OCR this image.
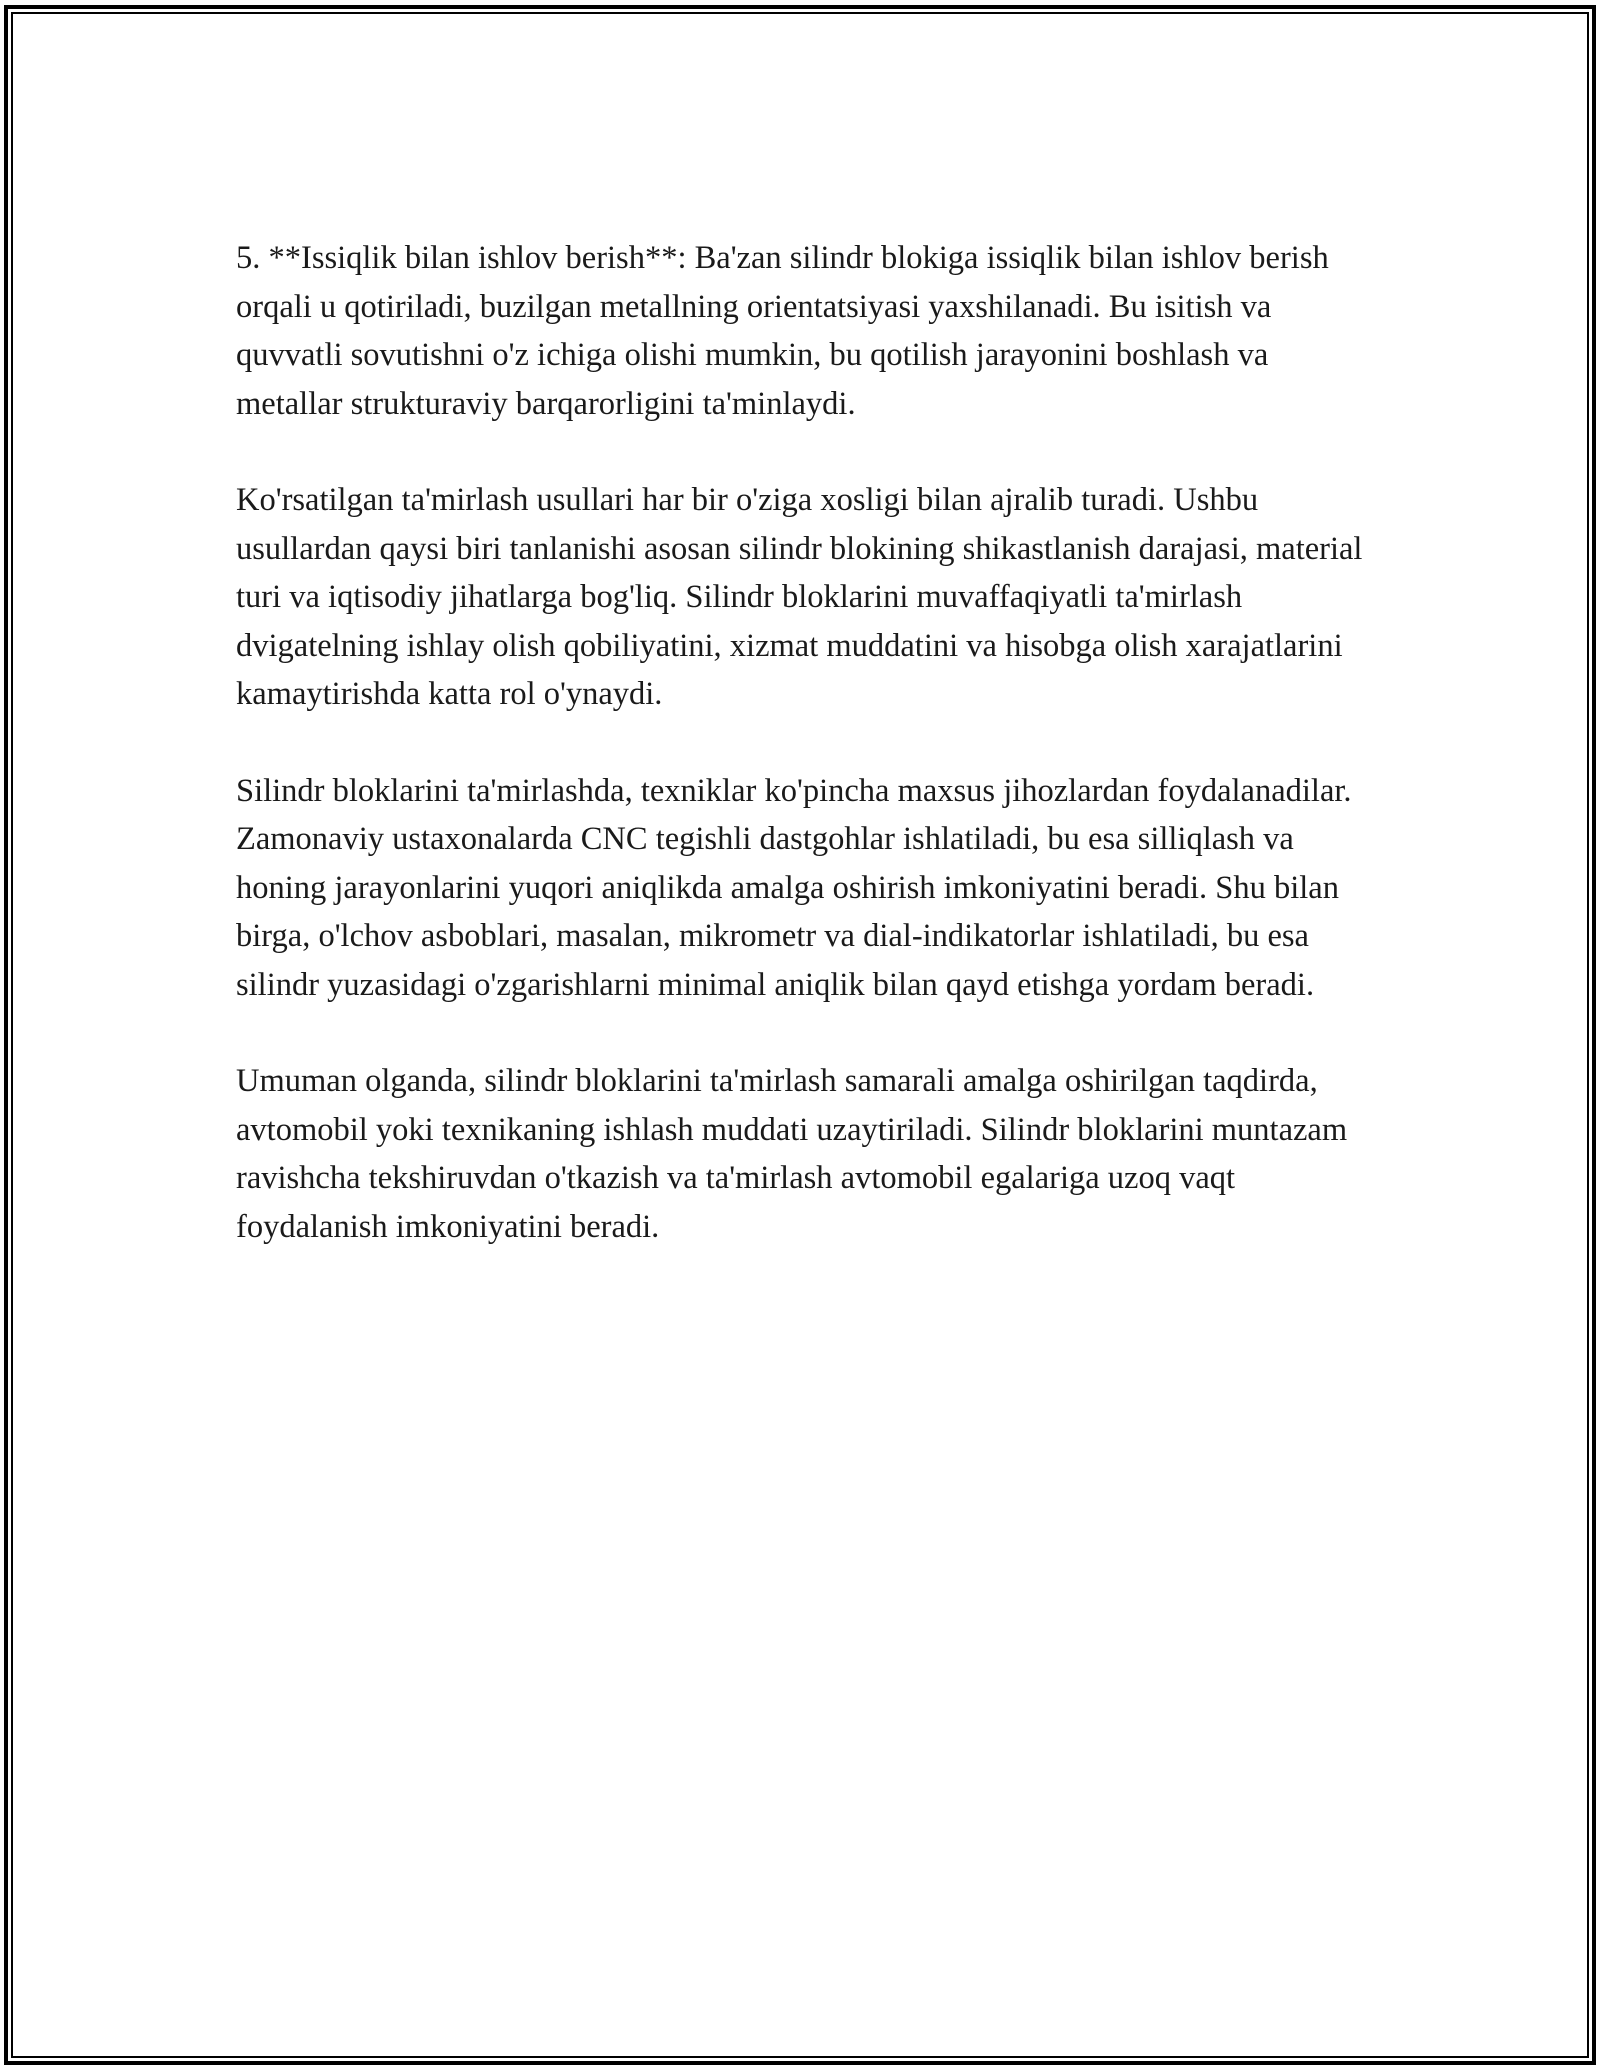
5. **Issiqlik bilan ishlov berish**: Ba'zan silindr blokiga issiqlik bilan ishlov berish orqali u qotiriladi, buzilgan metallning orientatsiyasi yaxshilanadi. Bu isitish va quvvatli sovutishni o'z ichiga olishi mumkin, bu qotilish jarayonini boshlash va metallar strukturaviy barqarorligini ta'minlaydi.

Ko'rsatilgan ta'mirlash usullari har bir o'ziga xosligi bilan ajralib turadi. Ushbu usullardan qaysi biri tanlanishi asosan silindr blokining shikastlanish darajasi, material turi va iqtisodiy jihatlarga bog'liq. Silindr bloklarini muvaffaqiyatli ta'mirlash dvigatelning ishlay olish qobiliyatini, xizmat muddatini va hisobga olish xarajatlarini kamaytirishda katta rol o'ynaydi.

Silindr bloklarini ta'mirlashda, texniklar ko'pincha maxsus jihozlardan foydalanadilar. Zamonaviy ustaxonalarda CNC tegishli dastgohlar ishlatiladi, bu esa silliqlash va honing jarayonlarini yuqori aniqlikda amalga oshirish imkoniyatini beradi. Shu bilan birga, o'lchov asboblari, masalan, mikrometr va dial-indikatorlar ishlatiladi, bu esa silindr yuzasidagi o'zgarishlarni minimal aniqlik bilan qayd etishga yordam beradi.

Umuman olganda, silindr bloklarini ta'mirlash samarali amalga oshirilgan taqdirda, avtomobil yoki texnikaning ishlash muddati uzaytiriladi. Silindr bloklarini muntazam ravishcha tekshiruvdan o'tkazish va ta'mirlash avtomobil egalariga uzoq vaqt foydalanish imkoniyatini beradi.
